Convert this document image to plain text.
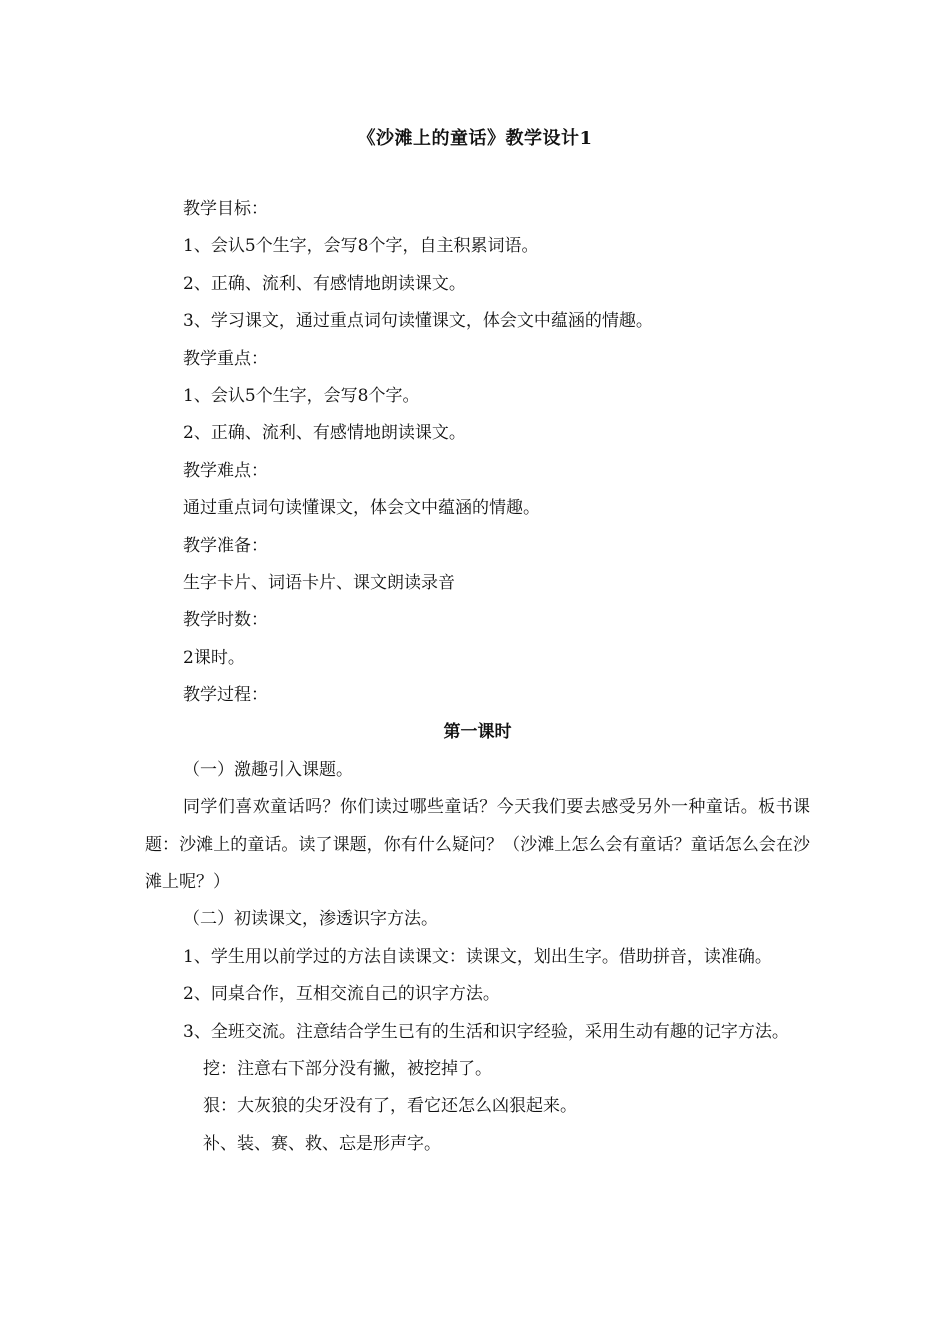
《沙滩上的童话》教学设计1
教学目标：
1、会认5个生字，会写8个字，自主积累词语。
2、正确、流利、有感情地朗读课文。
3、学习课文，通过重点词句读懂课文，体会文中蕴涵的情趣。
教学重点：
1、会认5个生字，会写8个字。
2、正确、流利、有感情地朗读课文。
教学难点：
通过重点词句读懂课文，体会文中蕴涵的情趣。
教学准备：
生字卡片、词语卡片、课文朗读录音
教学时数：
2课时。
教学过程：
第一课时
（一）激趣引入课题。
同学们喜欢童话吗？你们读过哪些童话？今天我们要去感受另外一种童话。板书课题：沙滩上的童话。读了课题，你有什么疑问？（沙滩上怎么会有童话？童话怎么会在沙滩上呢？）
（二）初读课文，渗透识字方法。
1、学生用以前学过的方法自读课文：读课文，划出生字。借助拼音，读准确。
2、同桌合作，互相交流自己的识字方法。
3、全班交流。注意结合学生已有的生活和识字经验，采用生动有趣的记字方法。
挖：注意右下部分没有撇，被挖掉了。
狠：大灰狼的尖牙没有了，看它还怎么凶狠起来。
补、装、赛、救、忘是形声字。
